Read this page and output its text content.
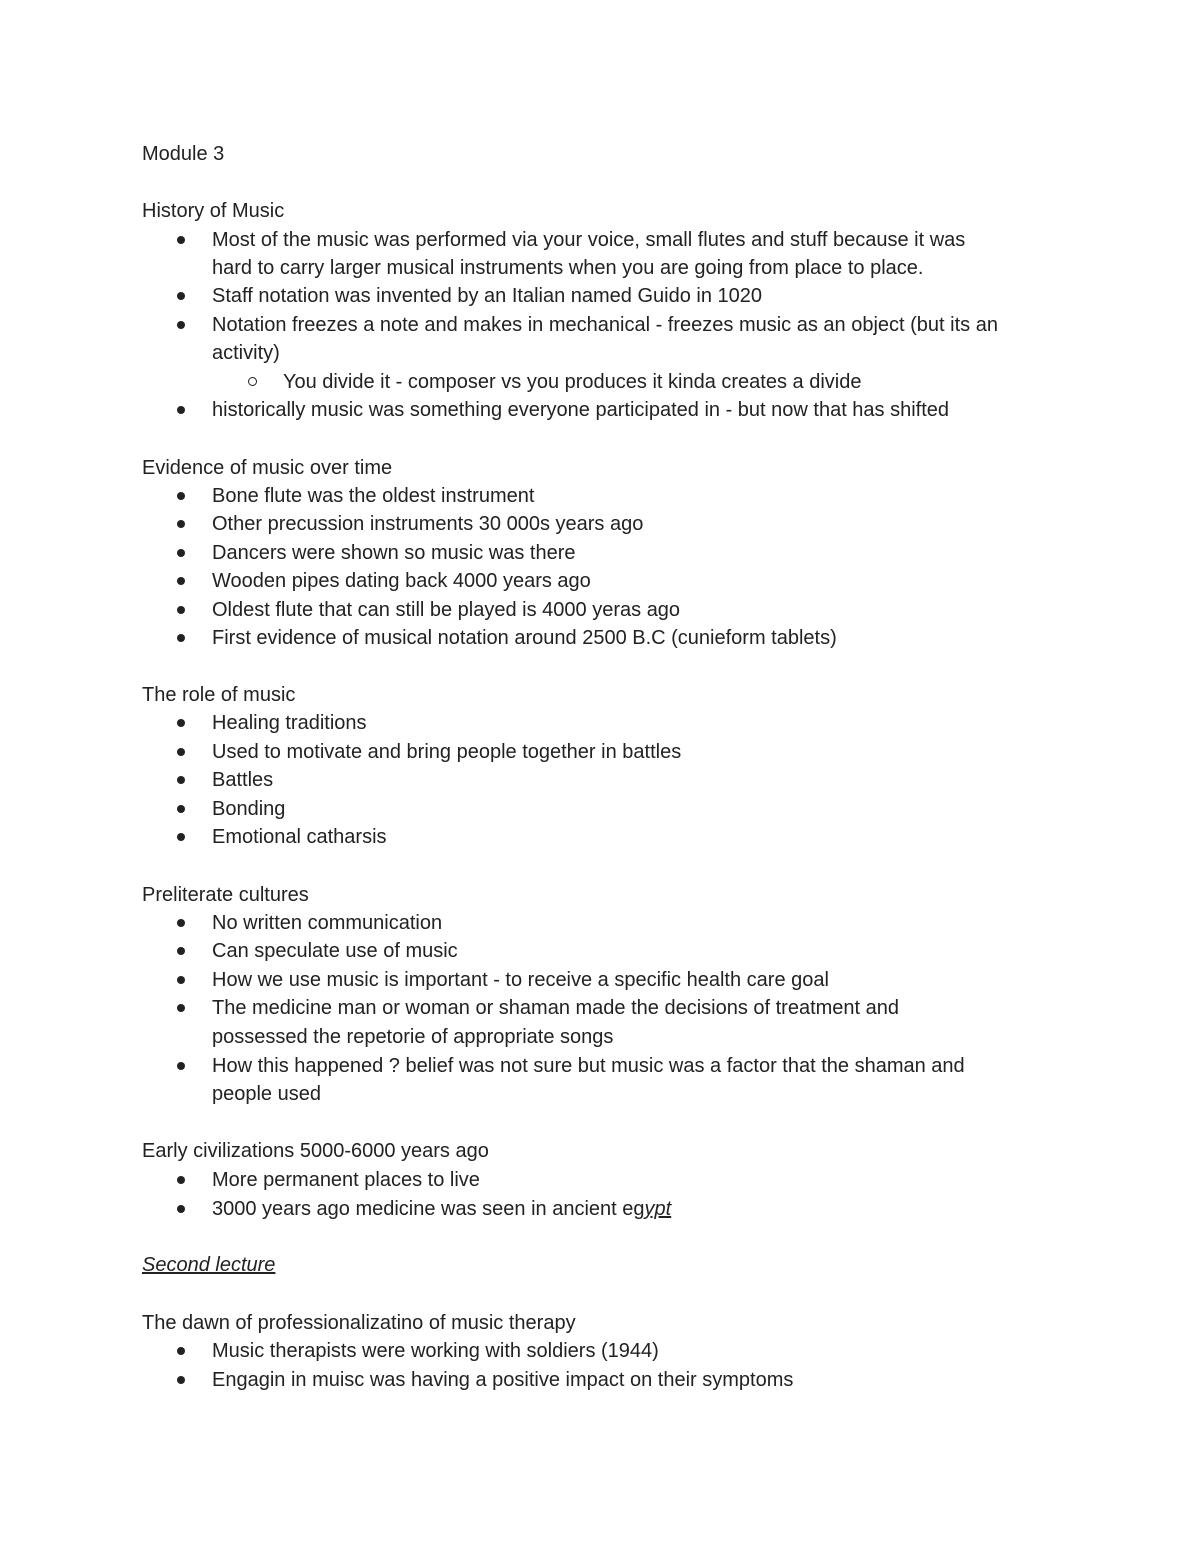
Module 3
History of Music
Most of the music was performed via your voice, small flutes and stuff because it was
hard to carry larger musical instruments when you are going from place to place.
Staff notation was invented by an Italian named Guido in 1020
Notation freezes a note and makes in mechanical - freezes music as an object (but its an
activity)
You divide it - composer vs you produces it kinda creates a divide
historically music was something everyone participated in - but now that has shifted
Evidence of music over time
Bone flute was the oldest instrument
Other precussion instruments 30 000s years ago
Dancers were shown so music was there
Wooden pipes dating back 4000 years ago
Oldest flute that can still be played is 4000 yeras ago
First evidence of musical notation around 2500 B.C (cunieform tablets)
The role of music
Healing traditions
Used to motivate and bring people together in battles
Battles
Bonding
Emotional catharsis
Preliterate cultures
No written communication
Can speculate use of music
How we use music is important - to receive a specific health care goal
The medicine man or woman or shaman made the decisions of treatment and
possessed the repetorie of appropriate songs
How this happened ? belief was not sure but music was a factor that the shaman and
people used
Early civilizations 5000-6000 years ago
More permanent places to live
3000 years ago medicine was seen in ancient egypt
Second lecture
The dawn of professionalizatino of music therapy
Music therapists were working with soldiers (1944)
Engagin in muisc was having a positive impact on their symptoms
